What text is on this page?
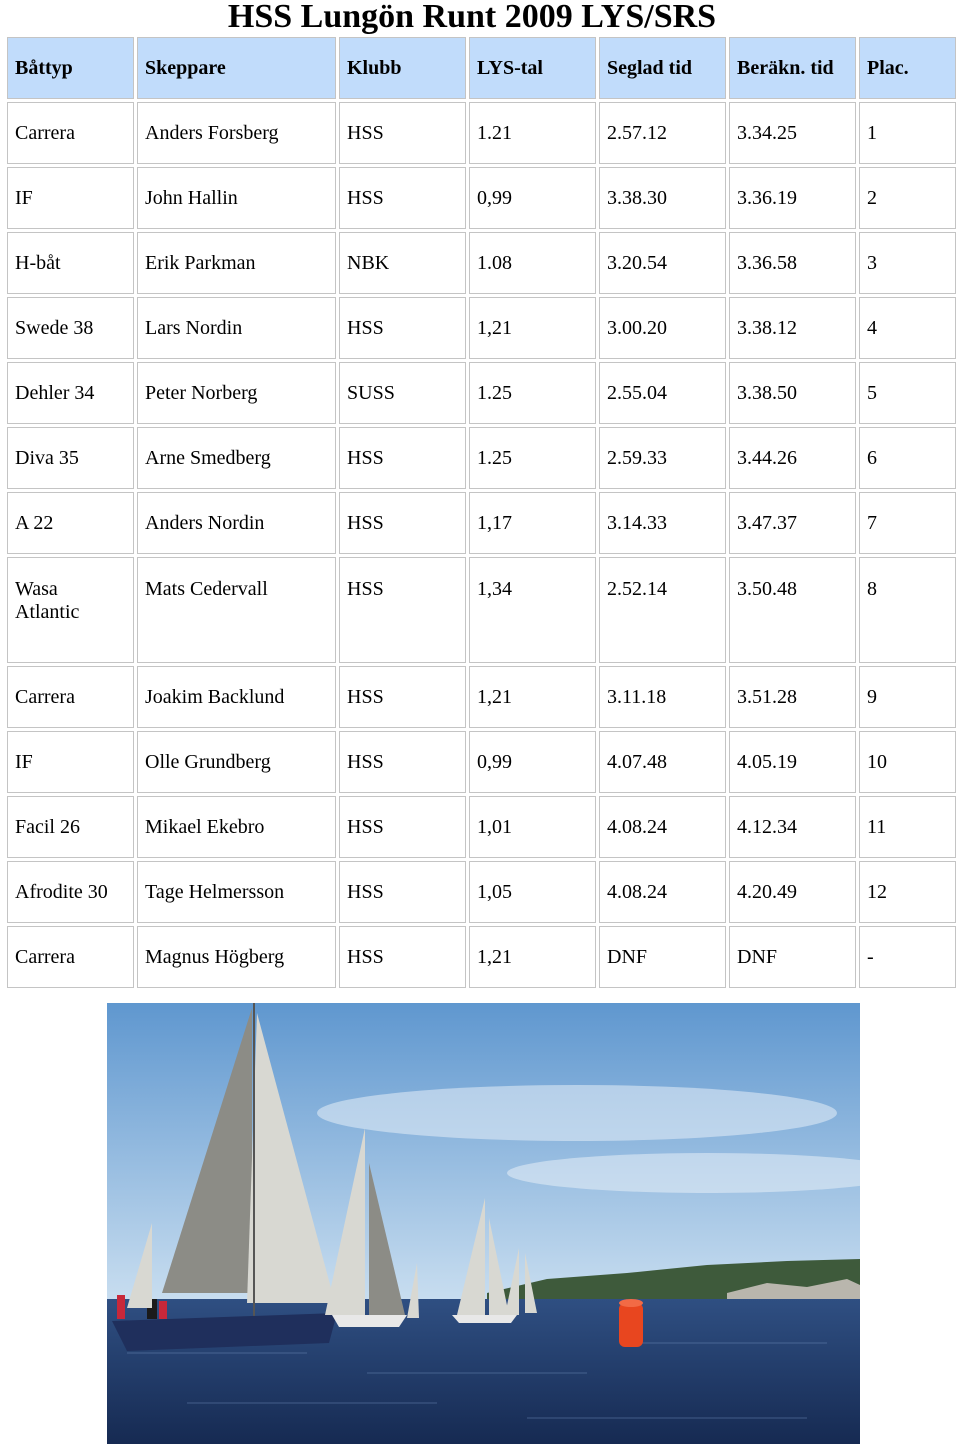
HSS Lungön Runt 2009 LYS/SRS
Båttyp	Skeppare	Klubb	LYS-tal	Seglad tid	Beräkn. tid	Plac.
Carrera	Anders Forsberg	HSS	1.21	2.57.12	3.34.25	1
IF	John Hallin	HSS	0,99	3.38.30	3.36.19	2
H-båt	Erik Parkman	NBK	1.08	3.20.54	3.36.58	3
Swede 38	Lars Nordin	HSS	1,21	3.00.20	3.38.12	4
Dehler 34	Peter Norberg	SUSS	1.25	2.55.04	3.38.50	5
Diva 35	Arne Smedberg	HSS	1.25	2.59.33	3.44.26	6
A 22	Anders Nordin	HSS	1,17	3.14.33	3.47.37	7
Wasa Atlantic	Mats Cedervall	HSS	1,34	2.52.14	3.50.48	8
Carrera	Joakim Backlund	HSS	1,21	3.11.18	3.51.28	9
IF	Olle Grundberg	HSS	0,99	4.07.48	4.05.19	10
Facil 26	Mikael Ekebro	HSS	1,01	4.08.24	4.12.34	11
Afrodite 30	Tage Helmersson	HSS	1,05	4.08.24	4.20.49	12
Carrera	Magnus Högberg	HSS	1,21	DNF	DNF	-
